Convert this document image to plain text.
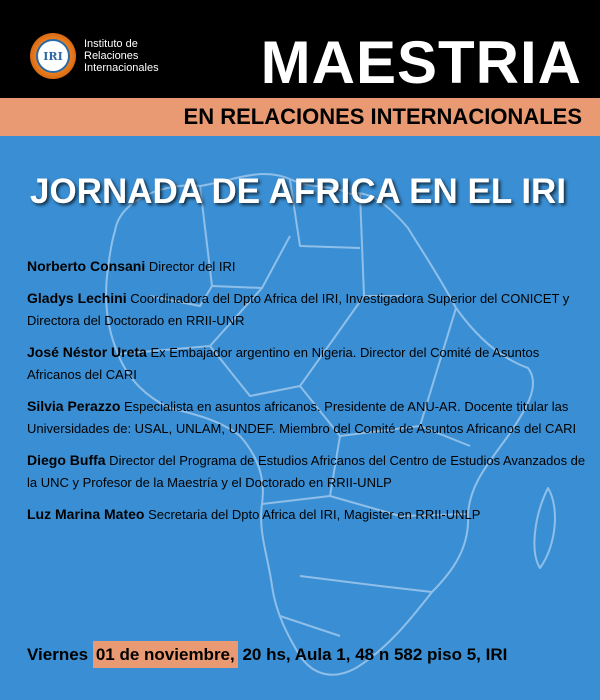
IRI
Instituto de
Relaciones
Internacionales MAESTRIA
EN RELACIONES INTERNACIONALES
JORNADA DE AFRICA EN EL IRI
Norberto Consani Director del IRI
Gladys Lechini Coordinadora del Dpto Africa del IRI, Investigadora Superior del CONICET y Directora del Doctorado en RRII-UNR
José Néstor Ureta Ex Embajador argentino en Nigeria. Director del Comité de Asuntos Africanos del CARI
Silvia Perazzo Especialista en asuntos africanos. Presidente de ANU-AR. Docente titular las Universidades de: USAL, UNLAM, UNDEF. Miembro del Comité de Asuntos Africanos del CARI
Diego Buffa Director del Programa de Estudios Africanos del Centro de Estudios Avanzados de la UNC y Profesor de la Maestría y el Doctorado en RRII-UNLP
Luz Marina Mateo Secretaria del Dpto Africa del IRI, Magister en RRII-UNLP
Viernes 01 de noviembre, 20 hs, Aula 1, 48 n 582 piso 5, IRI
